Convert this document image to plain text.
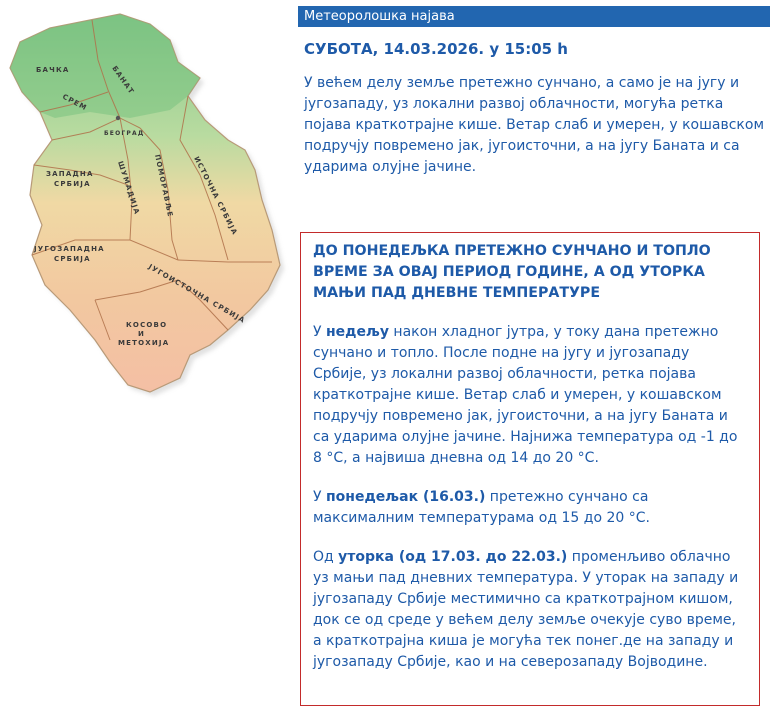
БАЧКА	БАНАТ
СРЕМ
БЕОГРАД
ЗАПАДНА СРБИЈА	ШУМАДИЈА ПОМОРАВЉЕ	ИСТОЧНА СРБИЈА
ЈУГОЗАПАДНА СРБИЈА
ЈУГОИСТОЧНА СРБИЈА
КОСОВО И МЕТОХИЈА
Метеоролошка најава
СУБОТА, 14.03.2026. у 15:05 h
У већем делу земље претежно сунчано, а само је на југу и југозападу, уз локални развој облачности, могућа ретка појава краткотрајне кише. Ветар слаб и умерен, у кошавском подручју повремено јак, југоисточни, а на југу Баната и са ударима олујне јачине.

ДО ПОНЕДЕЉКА ПРЕТЕЖНО СУНЧАНО И ТОПЛО ВРЕМЕ ЗА ОВАЈ ПЕРИОД ГОДИНЕ, А ОД УТОРКА МАЊИ ПАД ДНЕВНЕ ТЕМПЕРАТУРЕ

У недељу након хладног јутра, у току дана претежно сунчано и топло. После подне на југу и југозападу Србије, уз локални развој облачности, ретка појава краткотрајне кише. Ветар слаб и умерен, у кошавском подручју повремено јак, југоисточни, а на југу Баната и са ударима олујне јачине. Најнижа температура од -1 до 8 °C, а највиша дневна од 14 до 20 °C.
У понедељак (16.03.) претежно сунчано са максималним температурама од 15 до 20 °C.
Од уторка (од 17.03. до 22.03.) променљиво облачно уз мањи пад дневних температура. У уторак на западу и југозападу Србије местимично са краткотрајном кишом, док се од среде у већем делу земље очекује суво време, а краткотрајна киша је могућа тек понег.де на западу и југозападу Србије, као и на северозападу Војводине.
